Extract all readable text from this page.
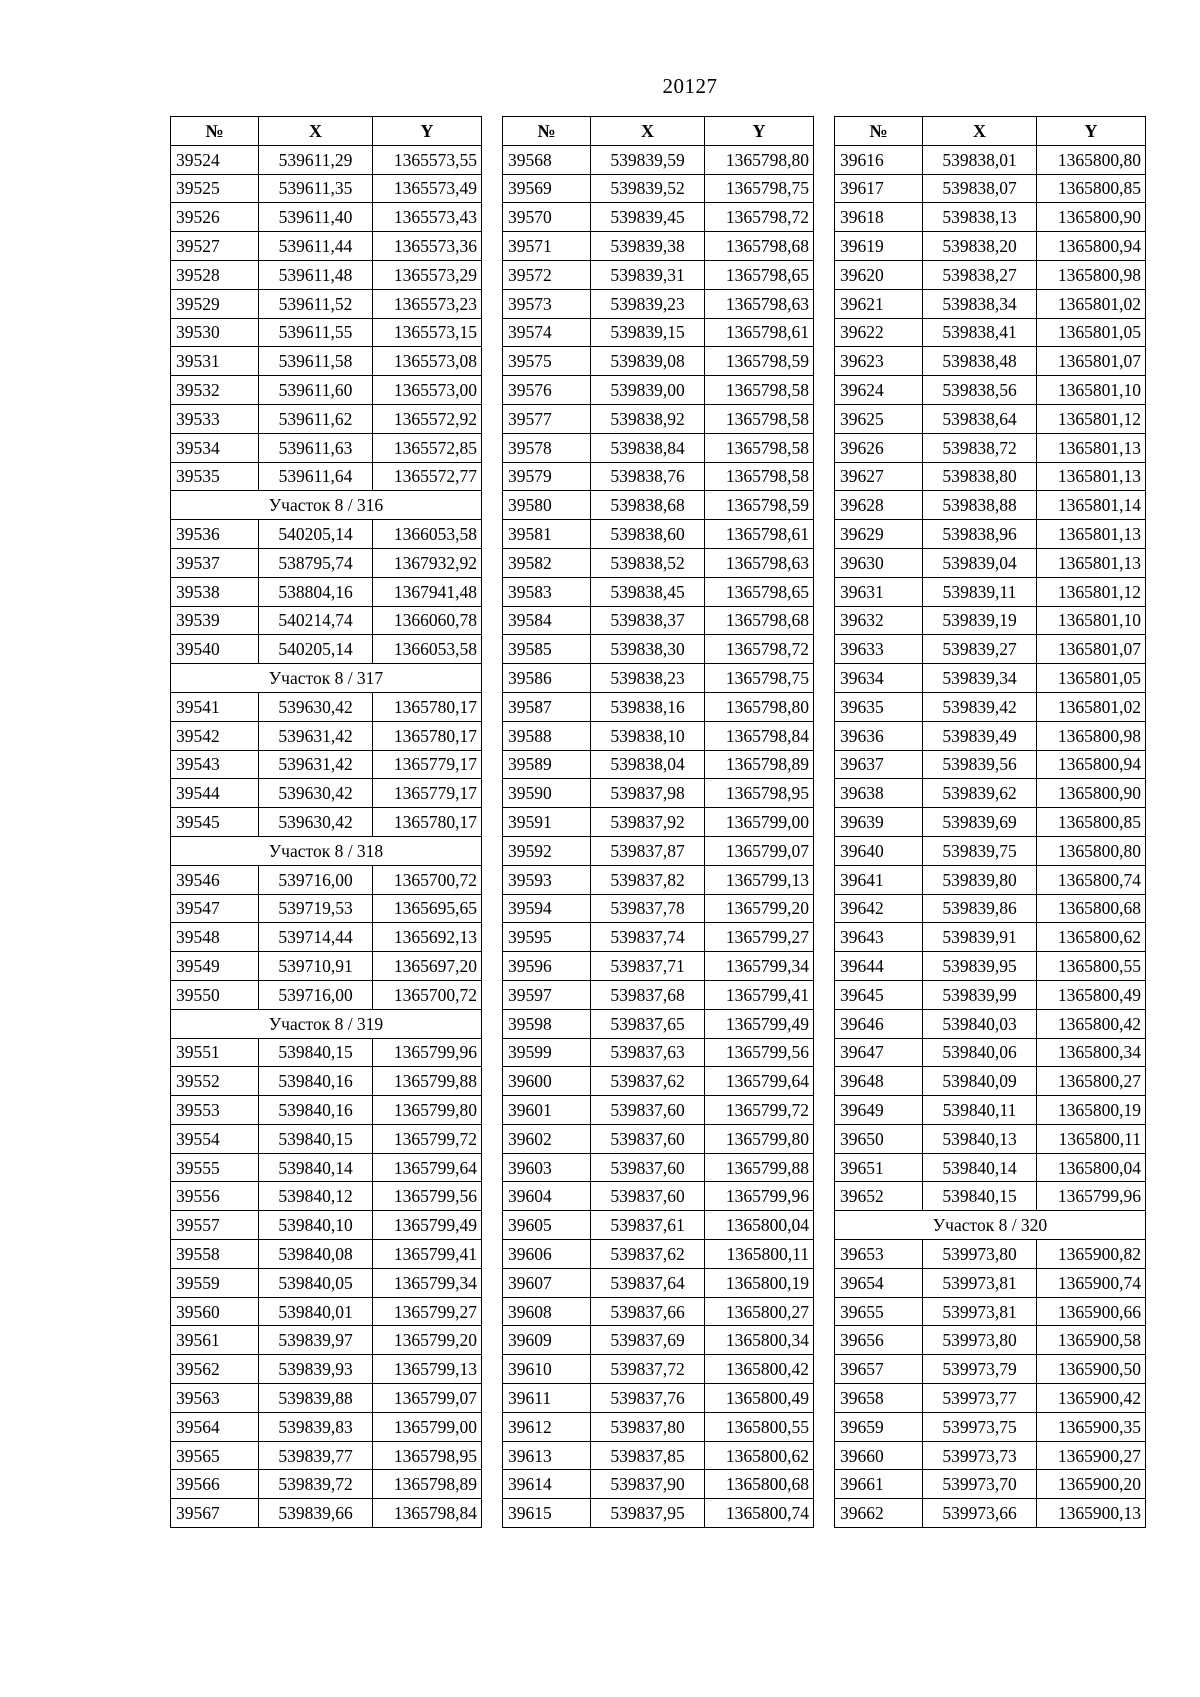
20127
№	X	Y
39524	539611,29	1365573,55
39525	539611,35	1365573,49
39526	539611,40	1365573,43
39527	539611,44	1365573,36
39528	539611,48	1365573,29
39529	539611,52	1365573,23
39530	539611,55	1365573,15
39531	539611,58	1365573,08
39532	539611,60	1365573,00
39533	539611,62	1365572,92
39534	539611,63	1365572,85
39535	539611,64	1365572,77
Участок 8 / 316		
39536	540205,14	1366053,58
39537	538795,74	1367932,92
39538	538804,16	1367941,48
39539	540214,74	1366060,78
39540	540205,14	1366053,58
Участок 8 / 317		
39541	539630,42	1365780,17
39542	539631,42	1365780,17
39543	539631,42	1365779,17
39544	539630,42	1365779,17
39545	539630,42	1365780,17
Участок 8 / 318		
39546	539716,00	1365700,72
39547	539719,53	1365695,65
39548	539714,44	1365692,13
39549	539710,91	1365697,20
39550	539716,00	1365700,72
Участок 8 / 319		
39551	539840,15	1365799,96
39552	539840,16	1365799,88
39553	539840,16	1365799,80
39554	539840,15	1365799,72
39555	539840,14	1365799,64
39556	539840,12	1365799,56
39557	539840,10	1365799,49
39558	539840,08	1365799,41
39559	539840,05	1365799,34
39560	539840,01	1365799,27
39561	539839,97	1365799,20
39562	539839,93	1365799,13
39563	539839,88	1365799,07
39564	539839,83	1365799,00
39565	539839,77	1365798,95
39566	539839,72	1365798,89
39567	539839,66	1365798,84
№	X	Y
39568	539839,59	1365798,80
39569	539839,52	1365798,75
39570	539839,45	1365798,72
39571	539839,38	1365798,68
39572	539839,31	1365798,65
39573	539839,23	1365798,63
39574	539839,15	1365798,61
39575	539839,08	1365798,59
39576	539839,00	1365798,58
39577	539838,92	1365798,58
39578	539838,84	1365798,58
39579	539838,76	1365798,58
39580	539838,68	1365798,59
39581	539838,60	1365798,61
39582	539838,52	1365798,63
39583	539838,45	1365798,65
39584	539838,37	1365798,68
39585	539838,30	1365798,72
39586	539838,23	1365798,75
39587	539838,16	1365798,80
39588	539838,10	1365798,84
39589	539838,04	1365798,89
39590	539837,98	1365798,95
39591	539837,92	1365799,00
39592	539837,87	1365799,07
39593	539837,82	1365799,13
39594	539837,78	1365799,20
39595	539837,74	1365799,27
39596	539837,71	1365799,34
39597	539837,68	1365799,41
39598	539837,65	1365799,49
39599	539837,63	1365799,56
39600	539837,62	1365799,64
39601	539837,60	1365799,72
39602	539837,60	1365799,80
39603	539837,60	1365799,88
39604	539837,60	1365799,96
39605	539837,61	1365800,04
39606	539837,62	1365800,11
39607	539837,64	1365800,19
39608	539837,66	1365800,27
39609	539837,69	1365800,34
39610	539837,72	1365800,42
39611	539837,76	1365800,49
39612	539837,80	1365800,55
39613	539837,85	1365800,62
39614	539837,90	1365800,68
39615	539837,95	1365800,74
№	X	Y
39616	539838,01	1365800,80
39617	539838,07	1365800,85
39618	539838,13	1365800,90
39619	539838,20	1365800,94
39620	539838,27	1365800,98
39621	539838,34	1365801,02
39622	539838,41	1365801,05
39623	539838,48	1365801,07
39624	539838,56	1365801,10
39625	539838,64	1365801,12
39626	539838,72	1365801,13
39627	539838,80	1365801,13
39628	539838,88	1365801,14
39629	539838,96	1365801,13
39630	539839,04	1365801,13
39631	539839,11	1365801,12
39632	539839,19	1365801,10
39633	539839,27	1365801,07
39634	539839,34	1365801,05
39635	539839,42	1365801,02
39636	539839,49	1365800,98
39637	539839,56	1365800,94
39638	539839,62	1365800,90
39639	539839,69	1365800,85
39640	539839,75	1365800,80
39641	539839,80	1365800,74
39642	539839,86	1365800,68
39643	539839,91	1365800,62
39644	539839,95	1365800,55
39645	539839,99	1365800,49
39646	539840,03	1365800,42
39647	539840,06	1365800,34
39648	539840,09	1365800,27
39649	539840,11	1365800,19
39650	539840,13	1365800,11
39651	539840,14	1365800,04
39652	539840,15	1365799,96
Участок 8 / 320		
39653	539973,80	1365900,82
39654	539973,81	1365900,74
39655	539973,81	1365900,66
39656	539973,80	1365900,58
39657	539973,79	1365900,50
39658	539973,77	1365900,42
39659	539973,75	1365900,35
39660	539973,73	1365900,27
39661	539973,70	1365900,20
39662	539973,66	1365900,13
